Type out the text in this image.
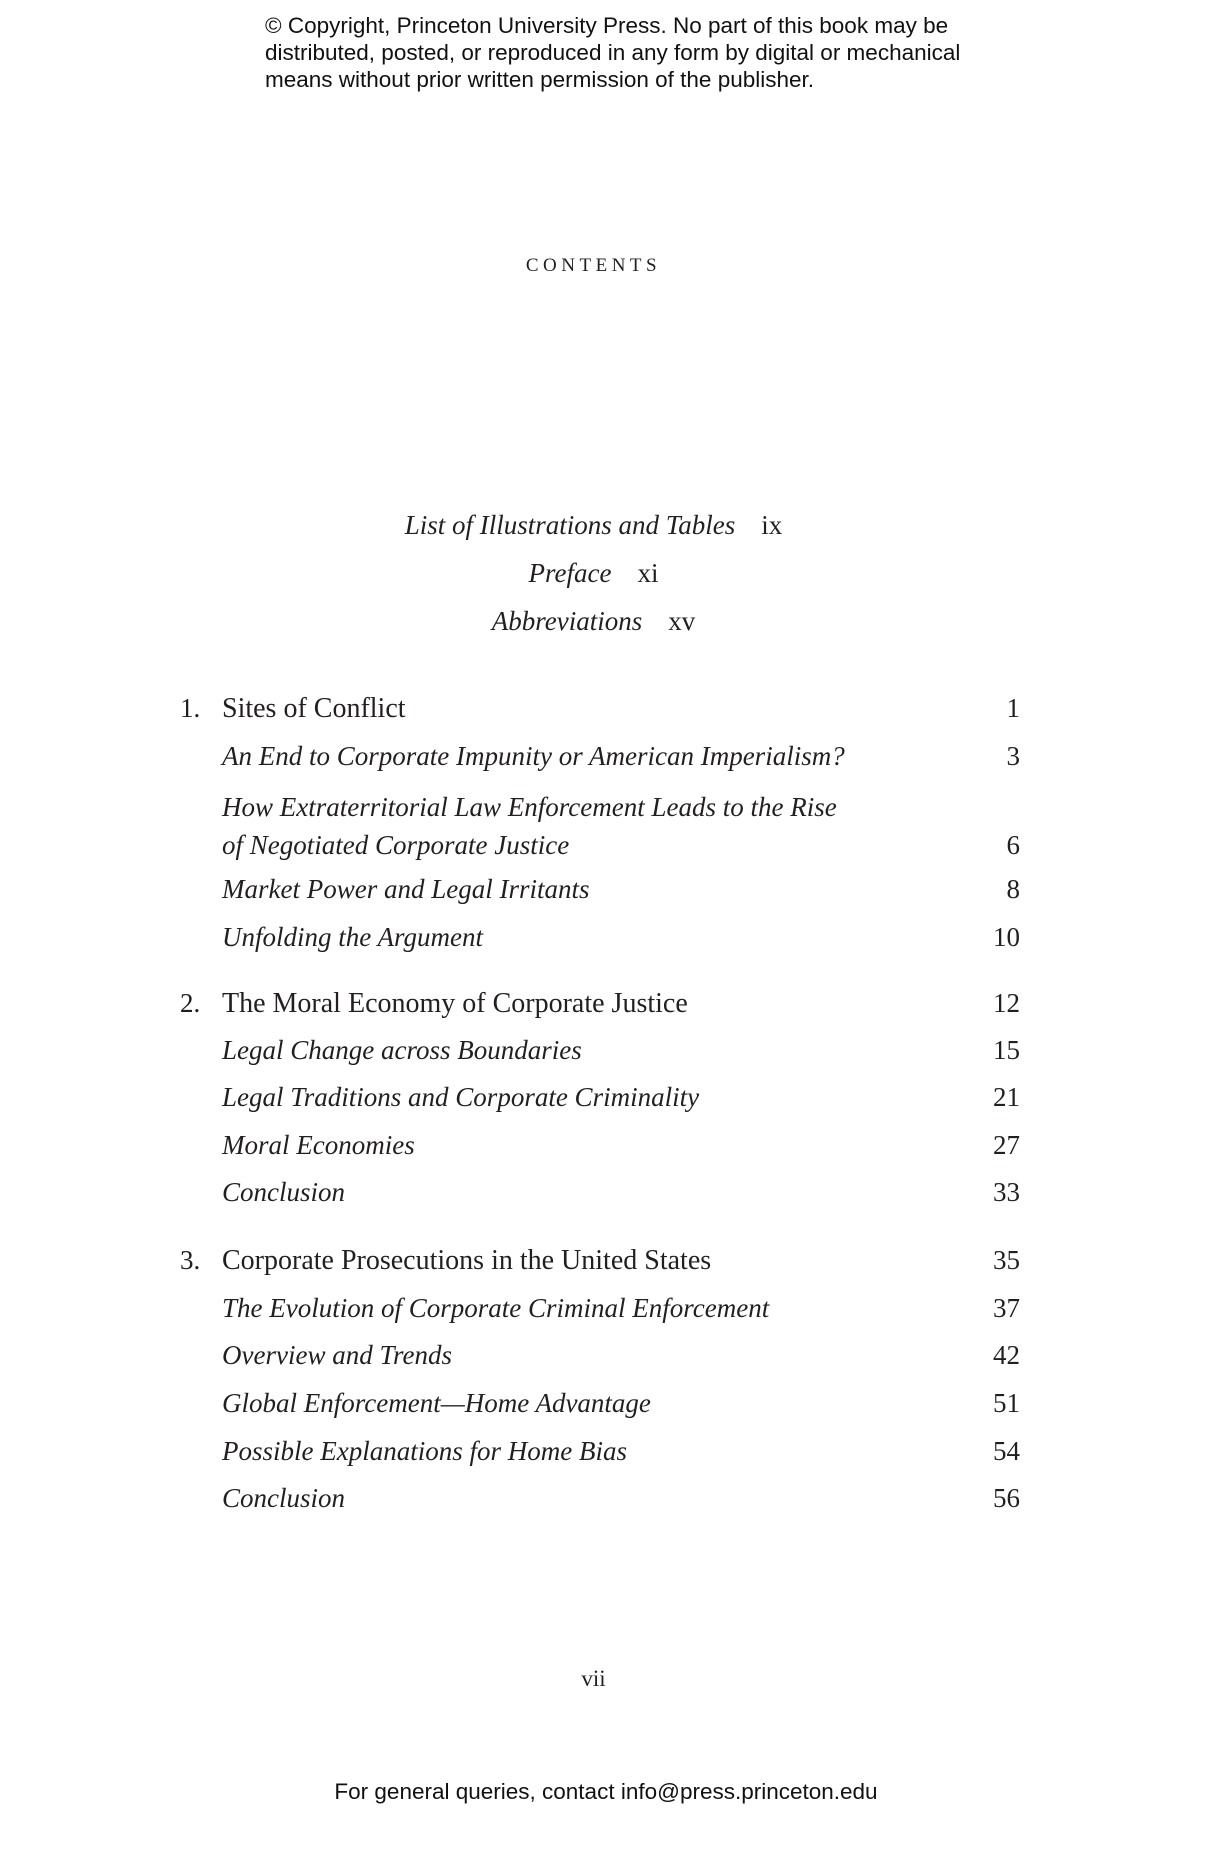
© Copyright, Princeton University Press. No part of this book may be
distributed, posted, or reproduced in any form by digital or mechanical
means without prior written permission of the publisher.
contents
List of Illustrations and Tables ix
Preface xi
Abbreviations xv
1. Sites of Conflict	1
An End to Corporate Impunity or American Imperialism?	3
How Extraterritorial Law Enforcement Leads to the Rise
of Negotiated Corporate Justice	6
Market Power and Legal Irritants	8
Unfolding the Argument	10
2. The Moral Economy of Corporate Justice	12
Legal Change across Boundaries	15
Legal Traditions and Corporate Criminality	21
Moral Economies	27
Conclusion	33
3. Corporate Prosecutions in the United States	35
The Evolution of Corporate Criminal Enforcement	37
Overview and Trends	42
Global Enforcement—Home Advantage	51
Possible Explanations for Home Bias	54
Conclusion	56
vii
For general queries, contact info@press.princeton.edu
